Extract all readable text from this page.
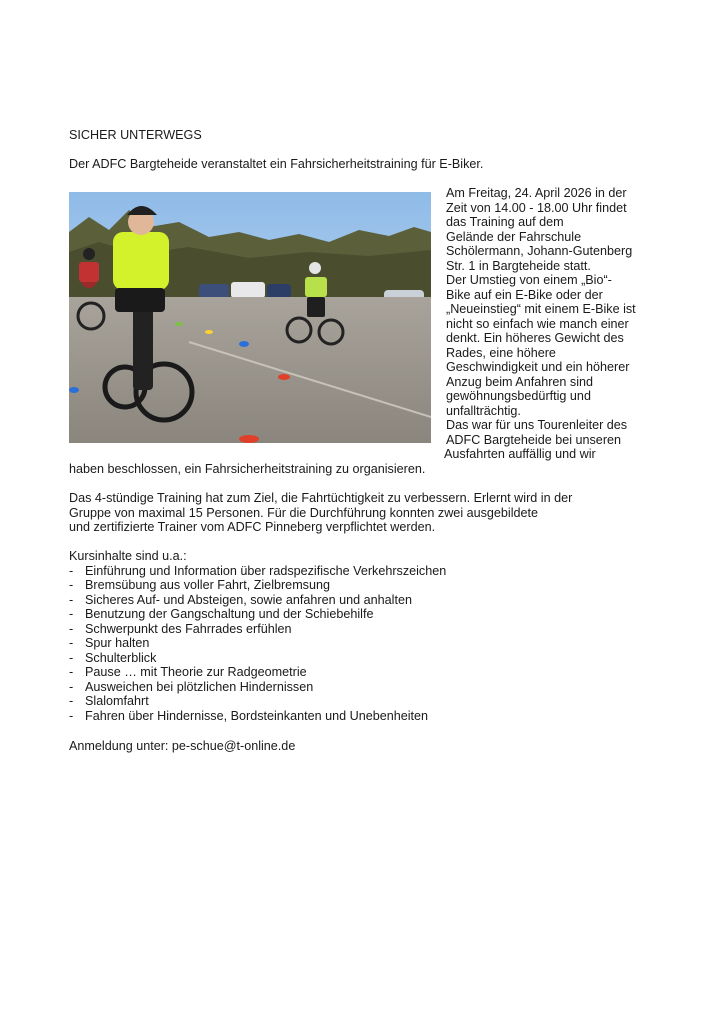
SICHER UNTERWEGS
Der ADFC Bargteheide veranstaltet ein Fahrsicherheitstraining für E-Biker.
Am Freitag, 24. April 2026 in der
Zeit von 14.00 - 18.00 Uhr findet
das Training auf dem
Gelände der Fahrschule
Schölermann, Johann-Gutenberg
Str. 1 in Bargteheide statt.
Der Umstieg von einem „Bio“-
Bike auf ein E-Bike oder der
„Neueinstieg“ mit einem E-Bike ist
nicht so einfach wie manch einer
denkt. Ein höheres Gewicht des
Rades, eine höhere
Geschwindigkeit und ein höherer
Anzug beim Anfahren sind
gewöhnungsbedürftig und
unfallträchtig.
Das war für uns Tourenleiter des
ADFC Bargteheide bei unseren
Ausfahrten auffällig und wir
haben beschlossen, ein Fahrsicherheitstraining zu organisieren.
Das 4-stündige Training hat zum Ziel, die Fahrtüchtigkeit zu verbessern. Erlernt wird in der
Gruppe von maximal 15 Personen. Für die Durchführung konnten zwei ausgebildete
und zertifizierte Trainer vom ADFC Pinneberg verpflichtet werden.
Kursinhalte sind u.a.:
- Einführung und Information über radspezifische Verkehrszeichen
- Bremsübung aus voller Fahrt, Zielbremsung
- Sicheres Auf- und Absteigen, sowie anfahren und anhalten
- Benutzung der Gangschaltung und der Schiebehilfe
- Schwerpunkt des Fahrrades erfühlen
- Spur halten
- Schulterblick
- Pause … mit Theorie zur Radgeometrie
- Ausweichen bei plötzlichen Hindernissen
- Slalomfahrt
- Fahren über Hindernisse, Bordsteinkanten und Unebenheiten
Anmeldung unter: pe-schue@t-online.de
